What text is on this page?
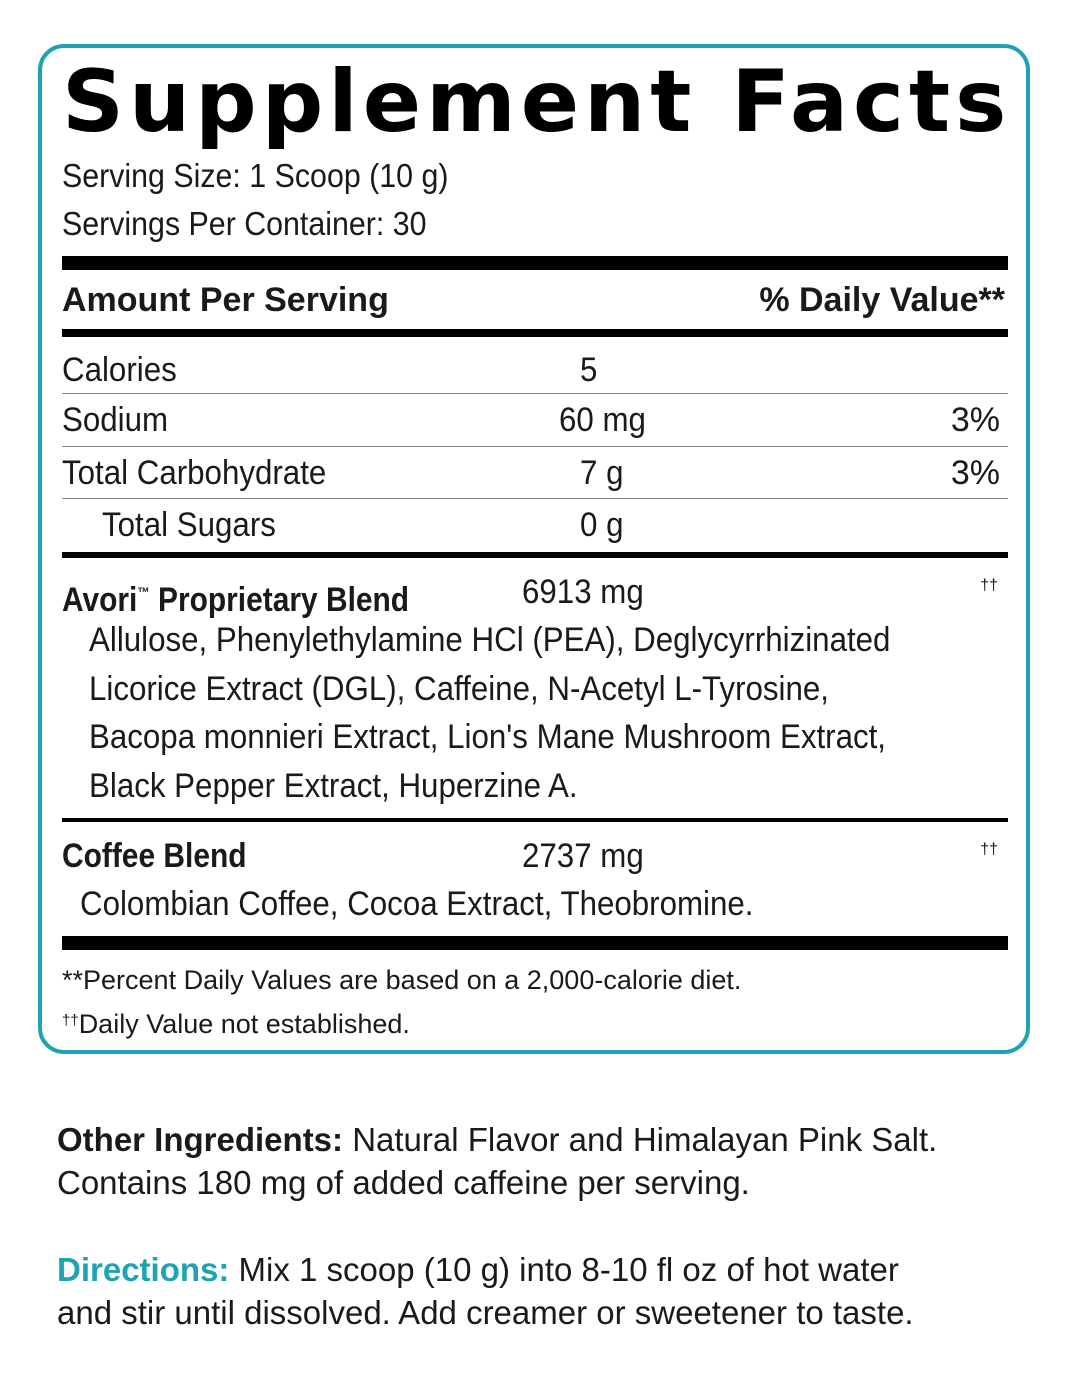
Supplement Facts
Serving Size: 1 Scoop (10 g)
Servings Per Container: 30
Amount Per Serving	% Daily Value**
Calories	5
Sodium	60 mg	3%
Total Carbohydrate	7 g	3%
Total Sugars	0 g
Avori™ Proprietary Blend	6913 mg	††
Allulose, Phenylethylamine HCl (PEA), Deglycyrrhizinated
Licorice Extract (DGL), Caffeine, N-Acetyl L-Tyrosine,
Bacopa monnieri Extract, Lion's Mane Mushroom Extract,
Black Pepper Extract, Huperzine A.
Coffee Blend	2737 mg	††
Colombian Coffee, Cocoa Extract, Theobromine.
**Percent Daily Values are based on a 2,000-calorie diet.
††Daily Value not established.
Other Ingredients: Natural Flavor and Himalayan Pink Salt.
Contains 180 mg of added caffeine per serving.
Directions: Mix 1 scoop (10 g) into 8-10 fl oz of hot water
and stir until dissolved. Add creamer or sweetener to taste.
